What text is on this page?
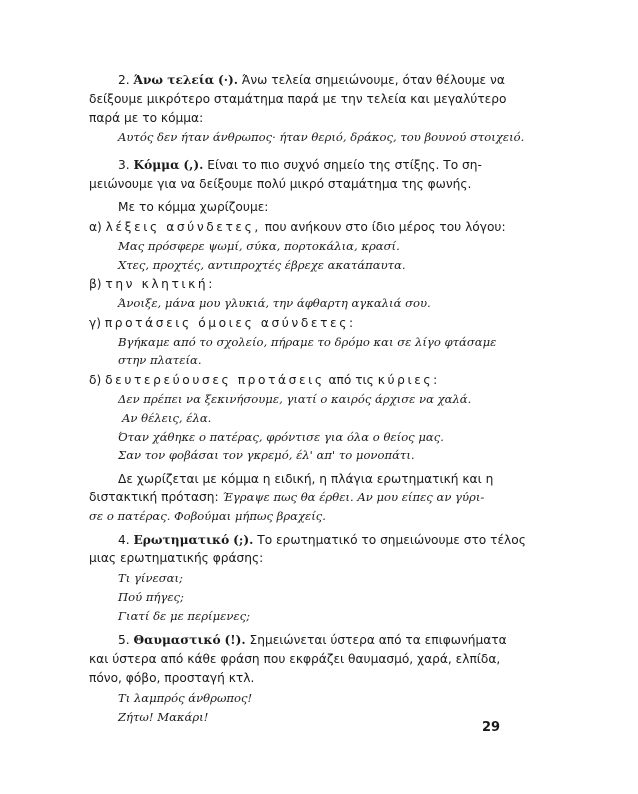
2. Άνω τελεία (·). Άνω τελεία σημειώνουμε, όταν θέλουμε να
δείξουμε μικρότερο σταμάτημα παρά με την τελεία και μεγαλύτερο
παρά με το κόμμα:
Αυτός δεν ήταν άνθρωπος· ήταν θεριό, δράκος, του βουνού στοιχειό.
3. Κόμμα (,). Είναι το πιο συχνό σημείο της στίξης. Το ση-
μειώνουμε για να δείξουμε πολύ μικρό σταμάτημα της φωνής.
Με το κόμμα χωρίζουμε:
α) λέξεις ασύνδετες, που ανήκουν στο ίδιο μέρος του λόγου:
Μας πρόσφερε ψωμί, σύκα, πορτοκάλια, κρασί.
Χτες, προχτές, αντιπροχτές έβρεχε ακατάπαυτα.
β) την κλητική:
Άνοιξε, μάνα μου γλυκιά, την άφθαρτη αγκαλιά σου.
γ) προτάσεις όμοιες ασύνδετες:
Βγήκαμε από το σχολείο, πήραμε το δρόμο και σε λίγο φτάσαμε
στην πλατεία.
δ) δευτερεύουσες προτάσεις από τις κύριες:
Δεν πρέπει να ξεκινήσουμε, γιατί ο καιρός άρχισε να χαλά.
Αν θέλεις, έλα.
Όταν χάθηκε ο πατέρας, φρόντισε για όλα ο θείος μας.
Σαν τον φοβάσαι τον γκρεμό, έλ' απ' το μονοπάτι.
Δε χωρίζεται με κόμμα η ειδική, η πλάγια ερωτηματική και η
διστακτική πρόταση: Έγραψε πως θα έρθει. Αν μου είπες αν γύρι-
σε ο πατέρας. Φοβούμαι μήπως βραχείς.
4. Ερωτηματικό (;). Το ερωτηματικό το σημειώνουμε στο τέλος
μιας ερωτηματικής φράσης:
Τι γίνεσαι;
Πού πήγες;
Γιατί δε με περίμενες;
5. Θαυμαστικό (!). Σημειώνεται ύστερα από τα επιφωνήματα
και ύστερα από κάθε φράση που εκφράζει θαυμασμό, χαρά, ελπίδα,
πόνο, φόβο, προσταγή κτλ.
Τι λαμπρός άνθρωπος!
Ζήτω! Μακάρι!
29
